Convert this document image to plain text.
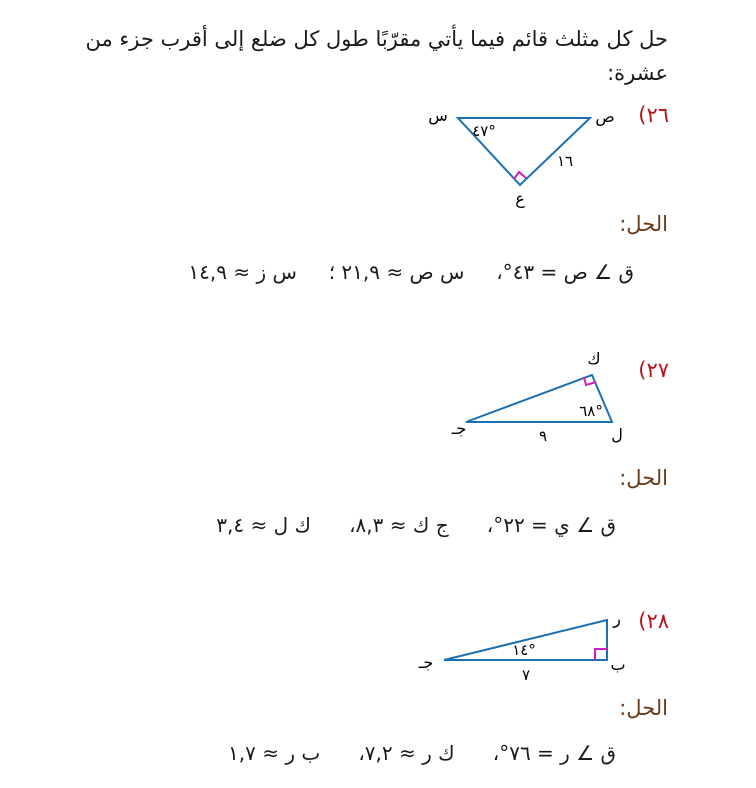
حل كل مثلث قائم فيما يأتي مقرّبًا طول كل ضلع إلى أقرب جزء من عشرة:
٢٦)
س	ص
ع
٤٧°
١٦
الحل:
ق ∠ ص = ٤٣°،     س ص ≈ ٢١,٩ ؛     س ز ≈ ١٤,٩
٢٧)
ك
ل
جـ
٦٨°
٩
الحل:
ق ∠ ي = ٢٢°،      ج ك ≈ ٨,٣،      ك ل ≈ ٣,٤
٢٨)
ر
ب
جـ
١٤°
٧
الحل:
ق ∠ ر = ٧٦°،      ك ر ≈ ٧,٢،      ب ر ≈ ١,٧
